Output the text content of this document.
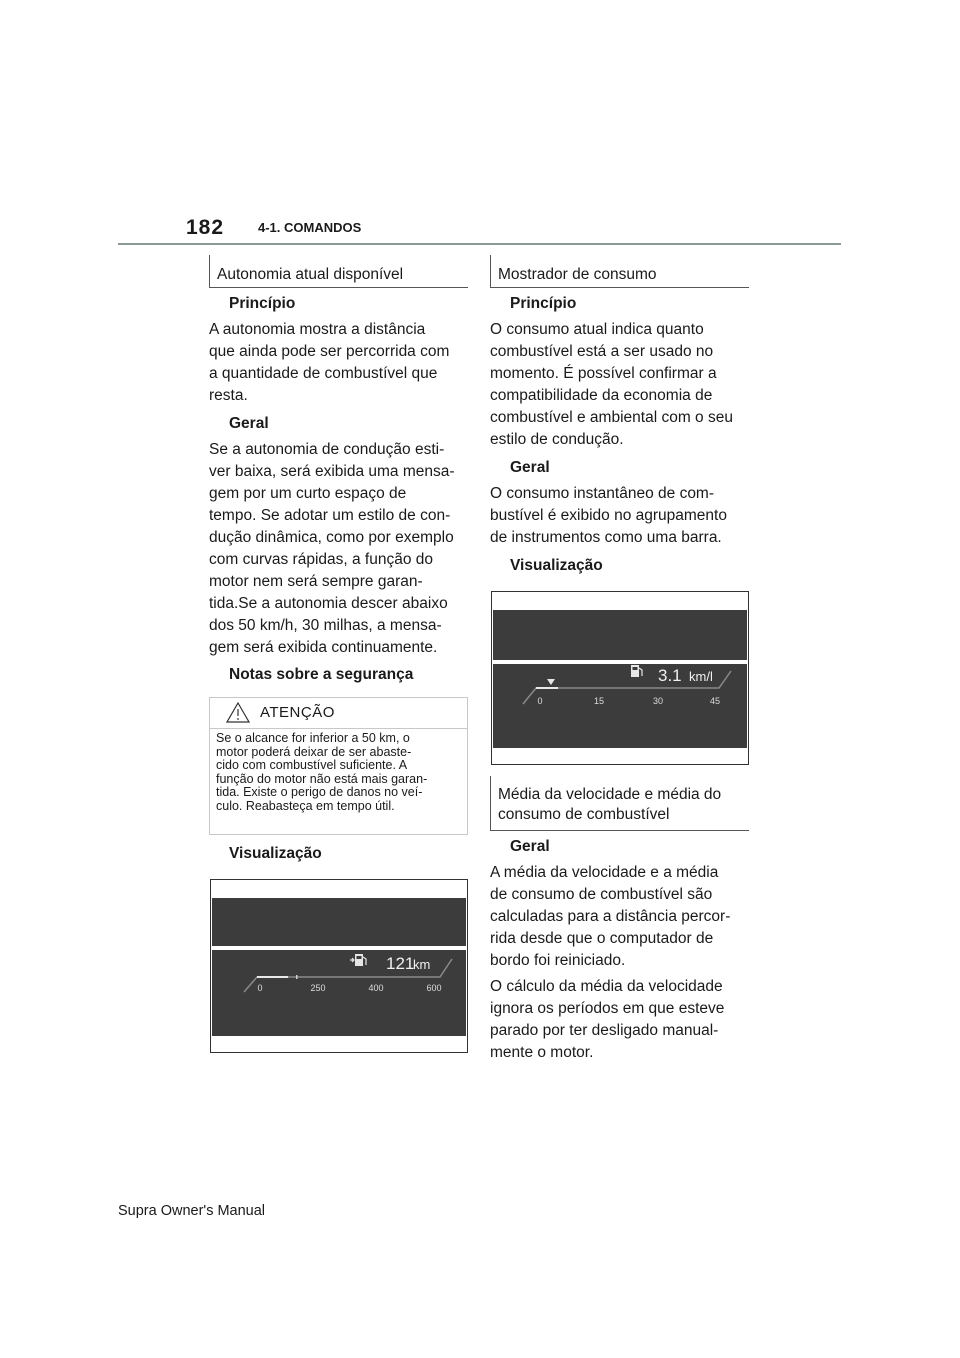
182	4-1. COMANDOS
Autonomia atual disponível
Princípio
A autonomia mostra a distância
que ainda pode ser percorrida com
a quantidade de combustível que
resta.
Geral
Se a autonomia de condução esti-
ver baixa, será exibida uma mensa-
gem por um curto espaço de
tempo. Se adotar um estilo de con-
dução dinâmica, como por exemplo
com curvas rápidas, a função do
motor nem será sempre garan-
tida.Se a autonomia descer abaixo
dos 50 km/h, 30 milhas, a mensa-
gem será exibida continuamente.
Notas sobre a segurança
ATENÇÃO
Se o alcance for inferior a 50 km, o
motor poderá deixar de ser abaste-
cido com combustível suficiente. A
função do motor não está mais garan-
tida. Existe o perigo de danos no veí-
culo. Reabasteça em tempo útil.
Visualização
121
km
0	250	400	600
Mostrador de consumo
Princípio
O consumo atual indica quanto
combustível está a ser usado no
momento. É possível confirmar a
compatibilidade da economia de
combustível e ambiental com o seu
estilo de condução.
Geral
O consumo instantâneo de com-
bustível é exibido no agrupamento
de instrumentos como uma barra.
Visualização
3.1 km/l
0	15	30	45
Média da velocidade e média do
consumo de combustível
Geral
A média da velocidade e a média
de consumo de combustível são
calculadas para a distância percor-
rida desde que o computador de
bordo foi reiniciado.
O cálculo da média da velocidade
ignora os períodos em que esteve
parado por ter desligado manual-
mente o motor.
Supra Owner's Manual
